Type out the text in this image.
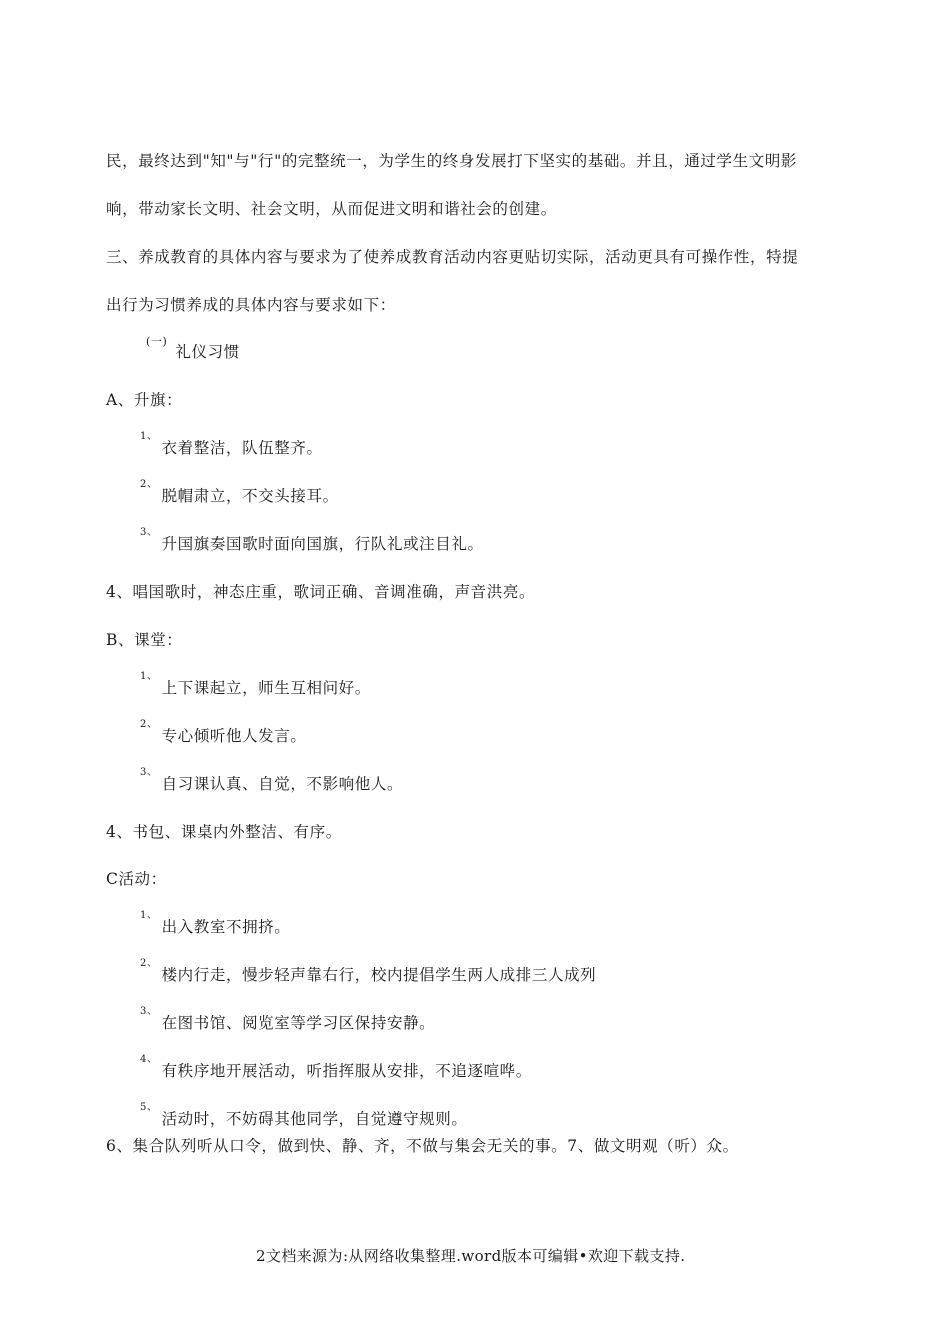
民，最终达到"知"与"行"的完整统一，为学生的终身发展打下坚实的基础。并且，通过学生文明影

响，带动家长文明、社会文明，从而促进文明和谐社会的创建。

三、养成教育的具体内容与要求为了使养成教育活动内容更贴切实际，活动更具有可操作性，特提

出行为习惯养成的具体内容与要求如下：

(一)礼仪习惯

A、升旗：

1、衣着整洁，队伍整齐。

2、脱帽肃立，不交头接耳。

3、升国旗奏国歌时面向国旗，行队礼或注目礼。

4、唱国歌时，神态庄重，歌词正确、音调准确，声音洪亮。

B、课堂：

1、上下课起立，师生互相问好。

2、专心倾听他人发言。

3、自习课认真、自觉，不影响他人。

4、书包、课桌内外整洁、有序。

C活动：

1、出入教室不拥挤。

2、楼内行走，慢步轻声靠右行，校内提倡学生两人成排三人成列

3、在图书馆、阅览室等学习区保持安静。

4、有秩序地开展活动，听指挥服从安排，不追逐喧哗。

5、活动时，不妨碍其他同学，自觉遵守规则。

6、集合队列听从口令，做到快、静、齐，不做与集会无关的事。7、做文明观（听）众。

2文档来源为:从网络收集整理.word版本可编辑•欢迎下载支持.
